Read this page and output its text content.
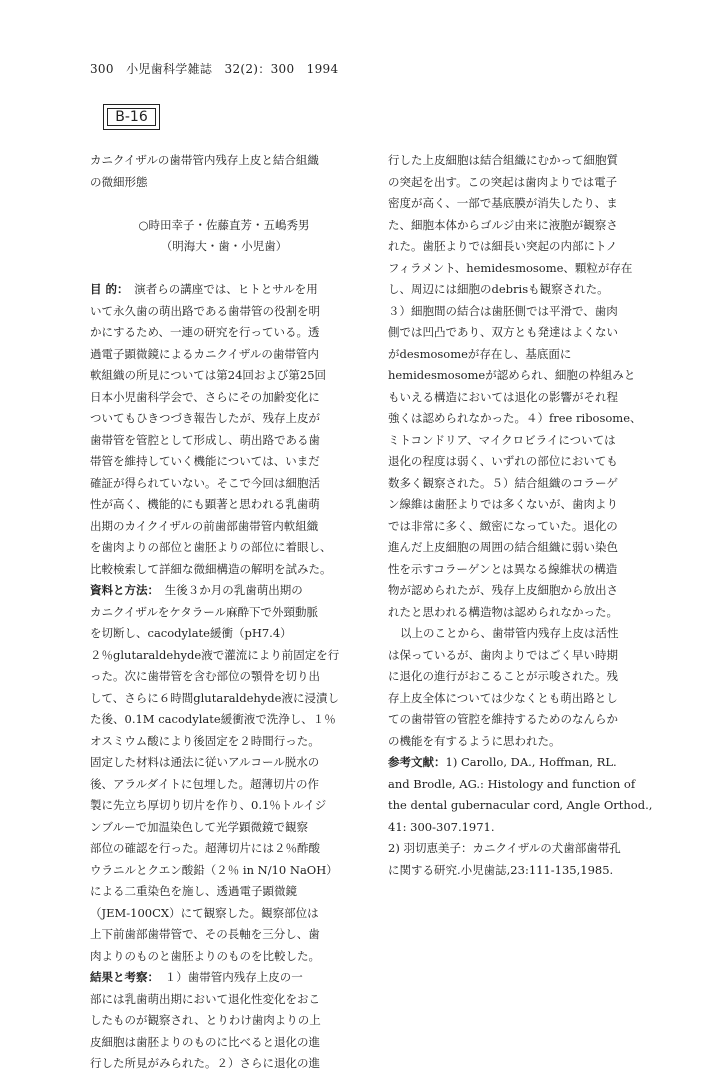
300　小児歯科学雑誌　32(2)：300　1994
B-16
カニクイザルの歯帯管内残存上皮と結合組織
の微細形態
○時田幸子・佐藤直芳・五嶋秀男
（明海大・歯・小児歯）
目 的：　 演者らの講座では、ヒトとサルを用
いて永久歯の萌出路である歯帯管の役割を明
かにするため、一連の研究を行っている。透
過電子顕微鏡によるカニクイザルの歯帯管内
軟組織の所見については第24回および第25回
日本小児歯科学会で、さらにその加齢変化に
ついてもひきつづき報告したが、残存上皮が
歯帯管を管腔として形成し、萌出路である歯
帯管を維持していく機能については、いまだ
確証が得られていない。そこで今回は細胞活
性が高く、機能的にも顕著と思われる乳歯萌
出期のカイクイザルの前歯部歯帯管内軟組織
を歯肉よりの部位と歯胚よりの部位に着眼し、
比較検索して詳細な微細構造の解明を試みた。
資料と方法：　 生後３か月の乳歯萌出期の
カニクイザルをケタラール麻酔下で外頸動脈
を切断し、cacodylate緩衝（pH7.4）
２％glutaraldehyde液で灌流により前固定を行
った。次に歯帯管を含む部位の顎骨を切り出
して、さらに６時間glutaraldehyde液に浸漬し
た後、0.1M cacodylate緩衝液で洗浄し、１％
オスミウム酸により後固定を２時間行った。
固定した材料は通法に従いアルコール脱水の
後、アラルダイトに包埋した。超薄切片の作
製に先立ち厚切り切片を作り、0.1％トルイジ
ンブルーで加温染色して光学顕微鏡で観察
部位の確認を行った。超薄切片には２％酢酸
ウラニルとクエン酸鉛（２％ in N/10 NaOH）
による二重染色を施し、透過電子顕微鏡
（JEM-100CX）にて観察した。観察部位は
上下前歯部歯帯管で、その長軸を三分し、歯
肉よりのものと歯胚よりのものを比較した。
結果と考察：　 １）歯帯管内残存上皮の一
部には乳歯萌出期において退化性変化をおこ
したものが観察され、とりわけ歯肉よりの上
皮細胞は歯胚よりのものに比べると退化の進
行した所見がみられた。２）さらに退化の進
行した上皮細胞は結合組織にむかって細胞質
の突起を出す。この突起は歯肉よりでは電子
密度が高く、一部で基底膜が消失したり、ま
た、細胞本体からゴルジ由来に液胞が観察さ
れた。歯胚よりでは細長い突起の内部にトノ
フィラメント、hemidesmosome、顆粒が存在
し、周辺には細胞のdebrisも観察された。
３）細胞間の結合は歯胚側では平滑で、歯肉
側では凹凸であり、双方とも発達はよくない
がdesmosomeが存在し、基底面に
hemidesmosomeが認められ、細胞の枠組みと
もいえる構造においては退化の影響がそれ程
強くは認められなかった。４）free ribosome、
ミトコンドリア、マイクロビライについては
退化の程度は弱く、いずれの部位においても
数多く観察された。５）結合組織のコラーゲ
ン線維は歯胚よりでは多くないが、歯肉より
では非常に多く、緻密になっていた。退化の
進んだ上皮細胞の周囲の結合組織に弱い染色
性を示すコラーゲンとは異なる線維状の構造
物が認められたが、残存上皮細胞から放出さ
れたと思われる構造物は認められなかった。
以上のことから、歯帯管内残存上皮は活性
は保っているが、歯肉よりではごく早い時期
に退化の進行がおこることが示唆された。残
存上皮全体については少なくとも萌出路とし
ての歯帯管の管腔を維持するためのなんらか
の機能を有するように思われた。
参考文献：1) Carollo, DA., Hoffman, RL.
and Brodle, AG.: Histology and function of
the dental gubernacular cord, Angle Orthod.,
41: 300-307.1971.
2) 羽切恵美子：カニクイザルの犬歯部歯帯孔
に関する研究.小児歯誌,23:111-135,1985.
